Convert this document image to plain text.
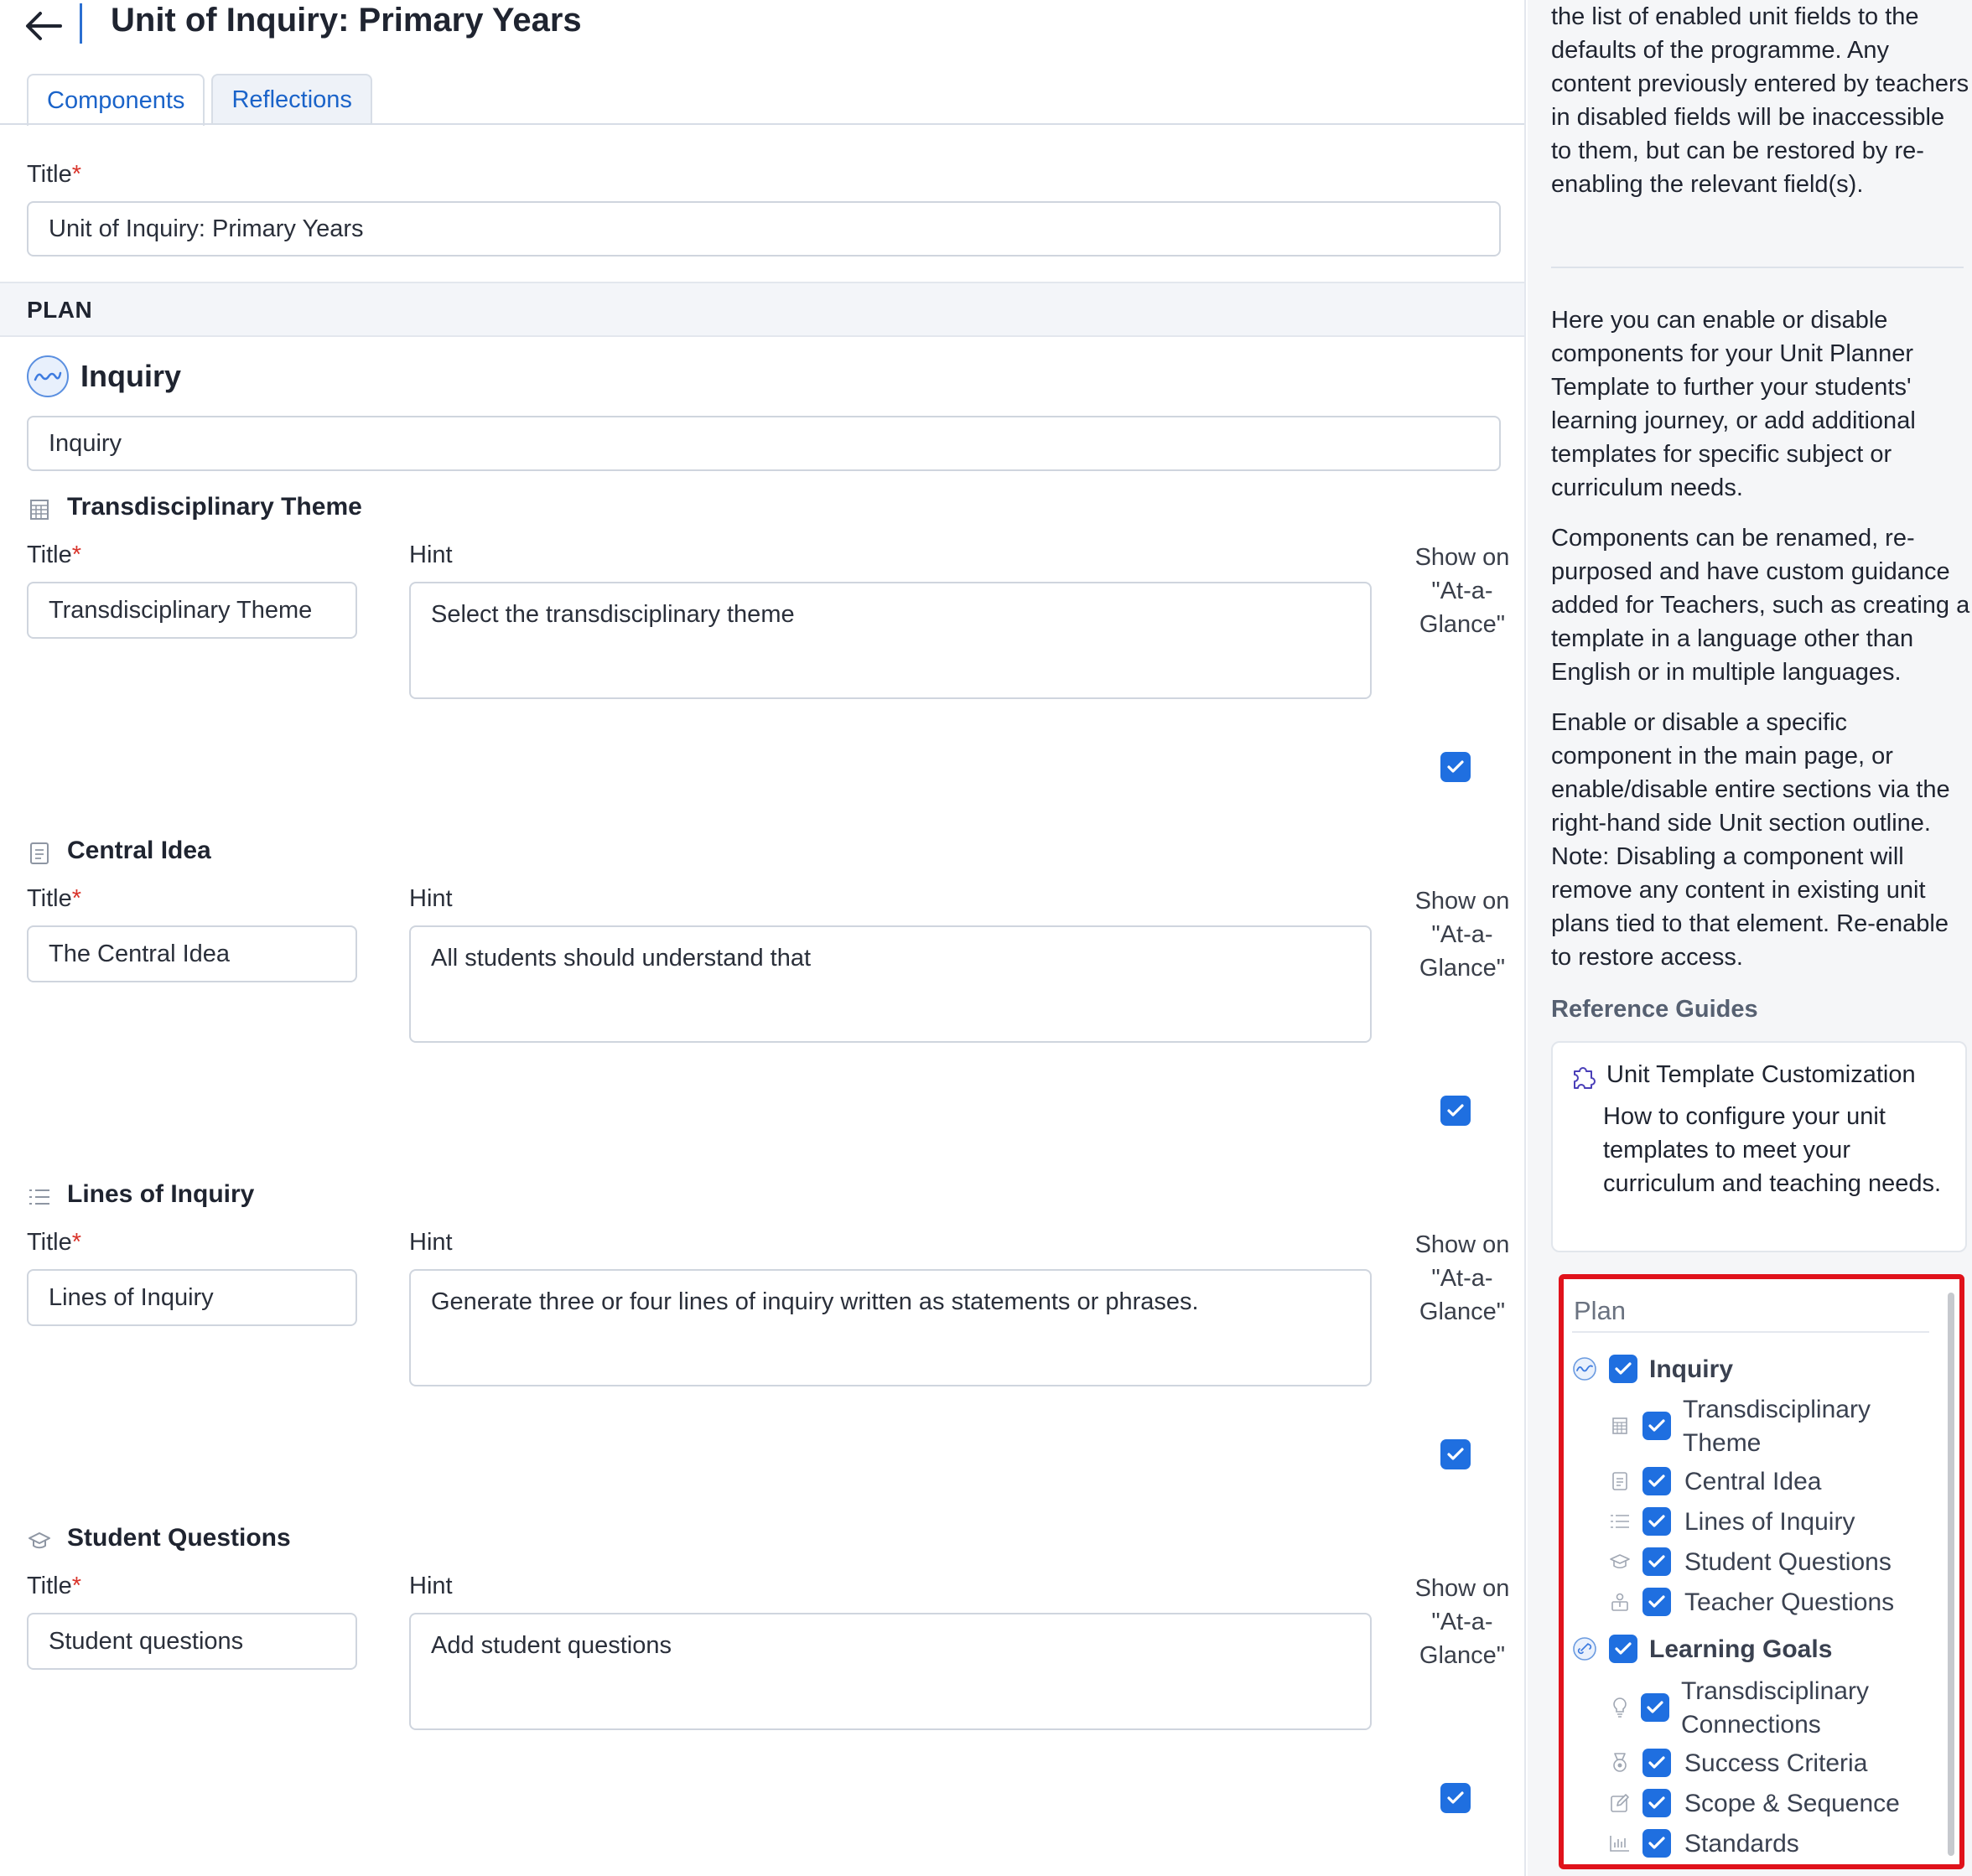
Unit of Inquiry: Primary Years
Components	Reflections
Title*
Unit of Inquiry: Primary Years
PLAN
Inquiry
Inquiry
Transdisciplinary Theme
Title*	Hint	Show on "At-a-Glance"
Transdisciplinary Theme	Select the transdisciplinary theme
Central Idea
Title*	Hint	Show on "At-a-Glance"
The Central Idea	All students should understand that
Lines of Inquiry
Title*	Hint	Show on "At-a-Glance"
Lines of Inquiry	Generate three or four lines of inquiry written as statements or phrases.
Student Questions
Title*	Hint	Show on "At-a-Glance"
Student questions	Add student questions
the list of enabled unit fields to the defaults of the programme. Any content previously entered by teachers in disabled fields will be inaccessible to them, but can be restored by re-enabling the relevant field(s).
Here you can enable or disable components for your Unit Planner Template to further your students' learning journey, or add additional templates for specific subject or curriculum needs.
Components can be renamed, re-purposed and have custom guidance added for Teachers, such as creating a template in a language other than English or in multiple languages.
Enable or disable a specific component in the main page, or enable/disable entire sections via the right-hand side Unit section outline. Note: Disabling a component will remove any content in existing unit plans tied to that element. Re-enable to restore access.
Reference Guides
Unit Template Customization
How to configure your unit templates to meet your curriculum and teaching needs.
Plan
Inquiry
Transdisciplinary Theme
Central Idea
Lines of Inquiry
Student Questions
Teacher Questions
Learning Goals
Transdisciplinary Connections
Success Criteria
Scope & Sequence
Standards
